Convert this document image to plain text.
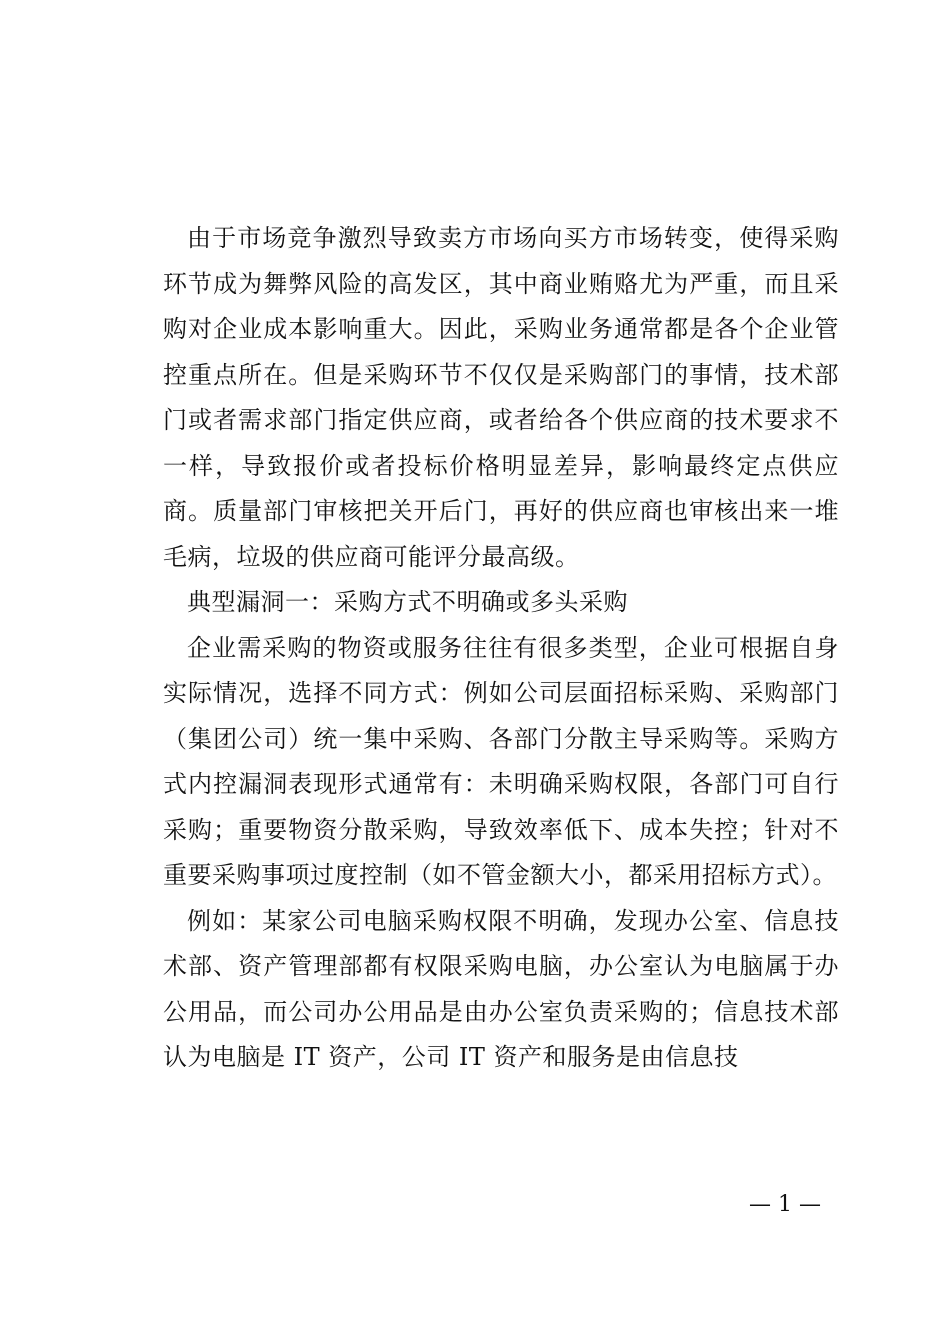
由于市场竞争激烈导致卖方市场向买方市场转变，使得采购环节成为舞弊风险的高发区，其中商业贿赂尤为严重，而且采购对企业成本影响重大。因此，采购业务通常都是各个企业管控重点所在。但是采购环节不仅仅是采购部门的事情，技术部门或者需求部门指定供应商，或者给各个供应商的技术要求不一样，导致报价或者投标价格明显差异，影响最终定点供应商。质量部门审核把关开后门，再好的供应商也审核出来一堆毛病，垃圾的供应商可能评分最高级。

典型漏洞一：采购方式不明确或多头采购

企业需采购的物资或服务往往有很多类型，企业可根据自身实际情况，选择不同方式：例如公司层面招标采购、采购部门（集团公司）统一集中采购、各部门分散主导采购等。采购方式内控漏洞表现形式通常有：未明确采购权限，各部门可自行采购；重要物资分散采购，导致效率低下、成本失控；针对不重要采购事项过度控制（如不管金额大小，都采用招标方式）。

例如：某家公司电脑采购权限不明确，发现办公室、信息技术部、资产管理部都有权限采购电脑，办公室认为电脑属于办公用品，而公司办公用品是由办公室负责采购的；信息技术部认为电脑是 IT 资产，公司 IT 资产和服务是由信息技

— 1 —
